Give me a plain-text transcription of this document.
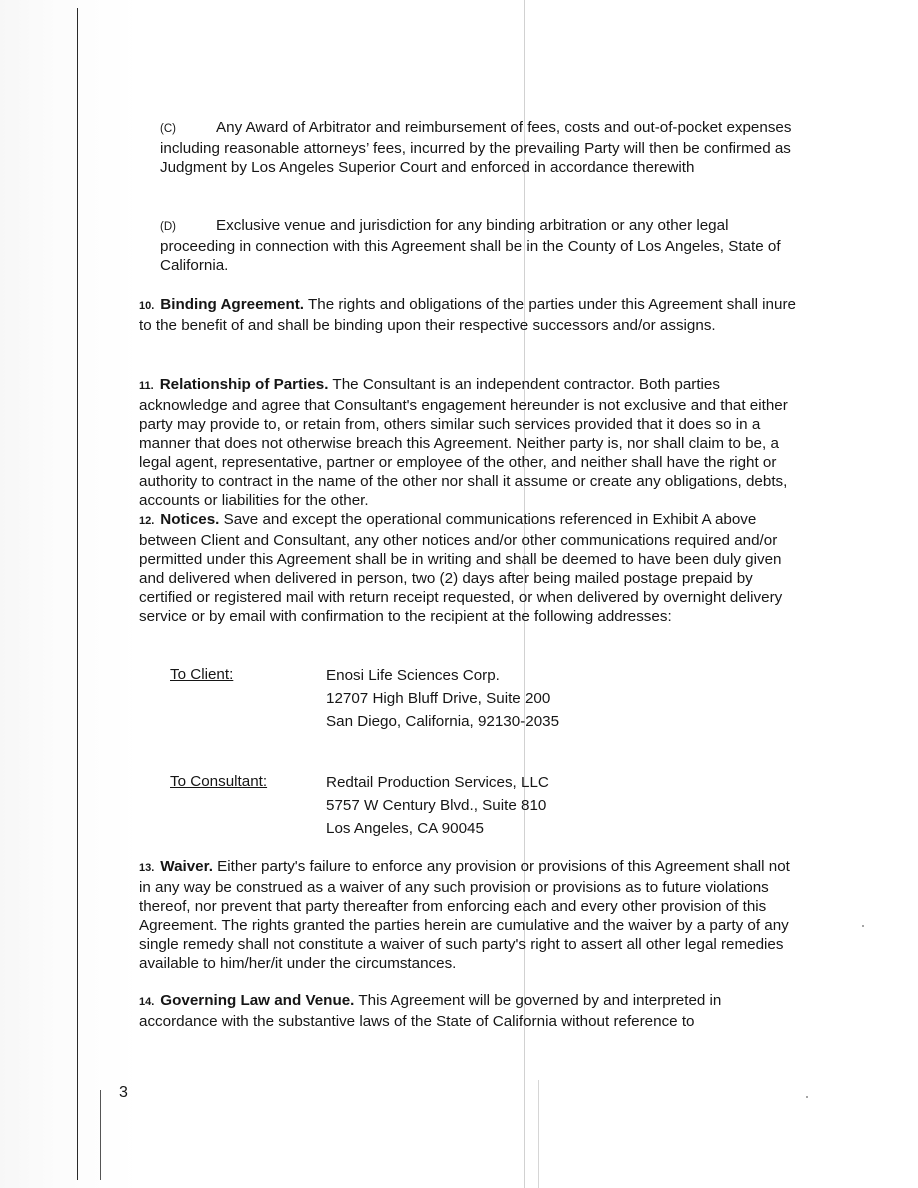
(C)	Any Award of Arbitrator and reimbursement of fees, costs and out-of-pocket expenses including reasonable attorneys’ fees, incurred by the prevailing Party will then be confirmed as Judgment by Los Angeles Superior Court and enforced in accordance therewith

(D)	Exclusive venue and jurisdiction for any binding arbitration or any other legal proceeding in connection with this Agreement shall be in the County of Los Angeles, State of California.

10. Binding Agreement. The rights and obligations of the parties under this Agreement shall inure to the benefit of and shall be binding upon their respective successors and/or assigns.

11. Relationship of Parties. The Consultant is an independent contractor. Both parties acknowledge and agree that Consultant's engagement hereunder is not exclusive and that either party may provide to, or retain from, others similar such services provided that it does so in a manner that does not otherwise breach this Agreement. Neither party is, nor shall claim to be, a legal agent, representative, partner or employee of the other, and neither shall have the right or authority to contract in the name of the other nor shall it assume or create any obligations, debts, accounts or liabilities for the other.

12. Notices. Save and except the operational communications referenced in Exhibit A above between Client and Consultant, any other notices and/or other communications required and/or permitted under this Agreement shall be in writing and shall be deemed to have been duly given and delivered when delivered in person, two (2) days after being mailed postage prepaid by certified or registered mail with return receipt requested, or when delivered by overnight delivery service or by email with confirmation to the recipient at the following addresses:

To Client:	Enosi Life Sciences Corp.
12707 High Bluff Drive, Suite 200
San Diego, California, 92130-2035
To Consultant:	Redtail Production Services, LLC
5757 W Century Blvd., Suite 810
Los Angeles, CA 90045

13. Waiver. Either party's failure to enforce any provision or provisions of this Agreement shall not in any way be construed as a waiver of any such provision or provisions as to future violations thereof, nor prevent that party thereafter from enforcing each and every other provision of this Agreement. The rights granted the parties herein are cumulative and the waiver by a party of any single remedy shall not constitute a waiver of such party's right to assert all other legal remedies available to him/her/it under the circumstances.

14. Governing Law and Venue. This Agreement will be governed by and interpreted in accordance with the substantive laws of the State of California without reference to

3
